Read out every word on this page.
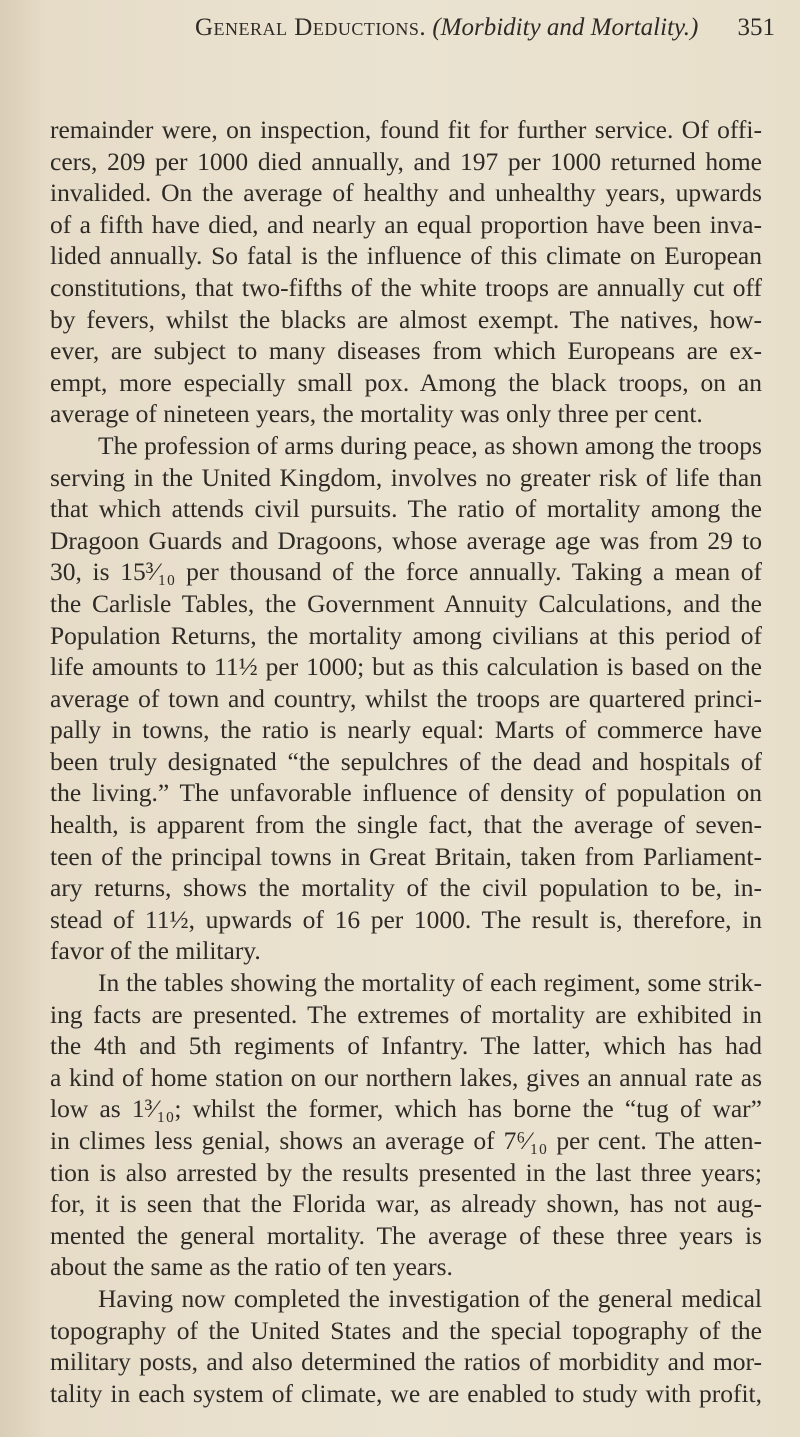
General Deductions. (Morbidity and Mortality.) 351
remainder were, on inspection, found fit for further service. Of offi-
cers, 209 per 1000 died annually, and 197 per 1000 returned home
invalided. On the average of healthy and unhealthy years, upwards
of a fifth have died, and nearly an equal proportion have been inva-
lided annually. So fatal is the influence of this climate on European
constitutions, that two-fifths of the white troops are annually cut off
by fevers, whilst the blacks are almost exempt. The natives, how-
ever, are subject to many diseases from which Europeans are ex-
empt, more especially small pox. Among the black troops, on an
average of nineteen years, the mortality was only three per cent.
The profession of arms during peace, as shown among the troops
serving in the United Kingdom, involves no greater risk of life than
that which attends civil pursuits. The ratio of mortality among the
Dragoon Guards and Dragoons, whose average age was from 29 to
30, is 15³⁄₁₀ per thousand of the force annually. Taking a mean of
the Carlisle Tables, the Government Annuity Calculations, and the
Population Returns, the mortality among civilians at this period of
life amounts to 11½ per 1000; but as this calculation is based on the
average of town and country, whilst the troops are quartered princi-
pally in towns, the ratio is nearly equal: Marts of commerce have
been truly designated “the sepulchres of the dead and hospitals of
the living.” The unfavorable influence of density of population on
health, is apparent from the single fact, that the average of seven-
teen of the principal towns in Great Britain, taken from Parliament-
ary returns, shows the mortality of the civil population to be, in-
stead of 11½, upwards of 16 per 1000. The result is, therefore, in
favor of the military.
In the tables showing the mortality of each regiment, some strik-
ing facts are presented. The extremes of mortality are exhibited in
the 4th and 5th regiments of Infantry. The latter, which has had
a kind of home station on our northern lakes, gives an annual rate as
low as 1³⁄₁₀; whilst the former, which has borne the “tug of war”
in climes less genial, shows an average of 7⁶⁄₁₀ per cent. The atten-
tion is also arrested by the results presented in the last three years;
for, it is seen that the Florida war, as already shown, has not aug-
mented the general mortality. The average of these three years is
about the same as the ratio of ten years.
Having now completed the investigation of the general medical
topography of the United States and the special topography of the
military posts, and also determined the ratios of morbidity and mor-
tality in each system of climate, we are enabled to study with profit,
